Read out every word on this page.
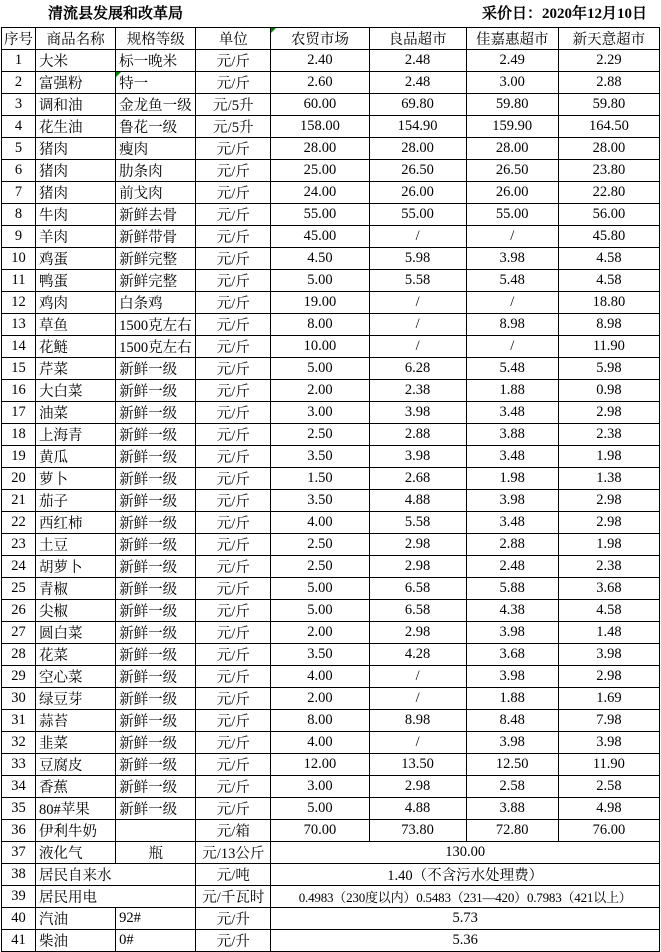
清流县发展和改革局	采价日：2020年12月10日
序号	商品名称	规格等级	单位	农贸市场	良品超市	佳嘉惠超市	新天意超市
1	大米	标一晚米	元/斤	2.40	2.48	2.49	2.29
2	富强粉	特一	元/斤	2.60	2.48	3.00	2.88
3	调和油	金龙鱼一级	元/5升	60.00	69.80	59.80	59.80
4	花生油	鲁花一级	元/5升	158.00	154.90	159.90	164.50
5	猪肉	瘦肉	元/斤	28.00	28.00	28.00	28.00
6	猪肉	肋条肉	元/斤	25.00	26.50	26.50	23.80
7	猪肉	前戈肉	元/斤	24.00	26.00	26.00	22.80
8	牛肉	新鲜去骨	元/斤	55.00	55.00	55.00	56.00
9	羊肉	新鲜带骨	元/斤	45.00	/	/	45.80
10	鸡蛋	新鲜完整	元/斤	4.50	5.98	3.98	4.58
11	鸭蛋	新鲜完整	元/斤	5.00	5.58	5.48	4.58
12	鸡肉	白条鸡	元/斤	19.00	/	/	18.80
13	草鱼	1500克左右	元/斤	8.00	/	8.98	8.98
14	花鲢	1500克左右	元/斤	10.00	/	/	11.90
15	芹菜	新鲜一级	元/斤	5.00	6.28	5.48	5.98
16	大白菜	新鲜一级	元/斤	2.00	2.38	1.88	0.98
17	油菜	新鲜一级	元/斤	3.00	3.98	3.48	2.98
18	上海青	新鲜一级	元/斤	2.50	2.88	3.88	2.38
19	黄瓜	新鲜一级	元/斤	3.50	3.98	3.48	1.98
20	萝卜	新鲜一级	元/斤	1.50	2.68	1.98	1.38
21	茄子	新鲜一级	元/斤	3.50	4.88	3.98	2.98
22	西红柿	新鲜一级	元/斤	4.00	5.58	3.48	2.98
23	土豆	新鲜一级	元/斤	2.50	2.98	2.88	1.98
24	胡萝卜	新鲜一级	元/斤	2.50	2.98	2.48	2.38
25	青椒	新鲜一级	元/斤	5.00	6.58	5.88	3.68
26	尖椒	新鲜一级	元/斤	5.00	6.58	4.38	4.58
27	圆白菜	新鲜一级	元/斤	2.00	2.98	3.98	1.48
28	花菜	新鲜一级	元/斤	3.50	4.28	3.68	3.98
29	空心菜	新鲜一级	元/斤	4.00	/	3.98	2.98
30	绿豆芽	新鲜一级	元/斤	2.00	/	1.88	1.69
31	蒜苔	新鲜一级	元/斤	8.00	8.98	8.48	7.98
32	韭菜	新鲜一级	元/斤	4.00	/	3.98	3.98
33	豆腐皮	新鲜一级	元/斤	12.00	13.50	12.50	11.90
34	香蕉	新鲜一级	元/斤	3.00	2.98	2.58	2.58
35	80#苹果	新鲜一级	元/斤	5.00	4.88	3.88	4.98
36	伊利牛奶		元/箱	70.00	73.80	72.80	76.00
37	液化气	瓶	元/13公斤	130.00			
38	居民自来水		元/吨	1.40（不含污水处理费）			
39	居民用电		元/千瓦时	0.4983（230度以内）0.5483（231—420）0.7983（421以上）			
40	汽油	92#	元/升	5.73			
41	柴油	0#	元/升	5.36			
